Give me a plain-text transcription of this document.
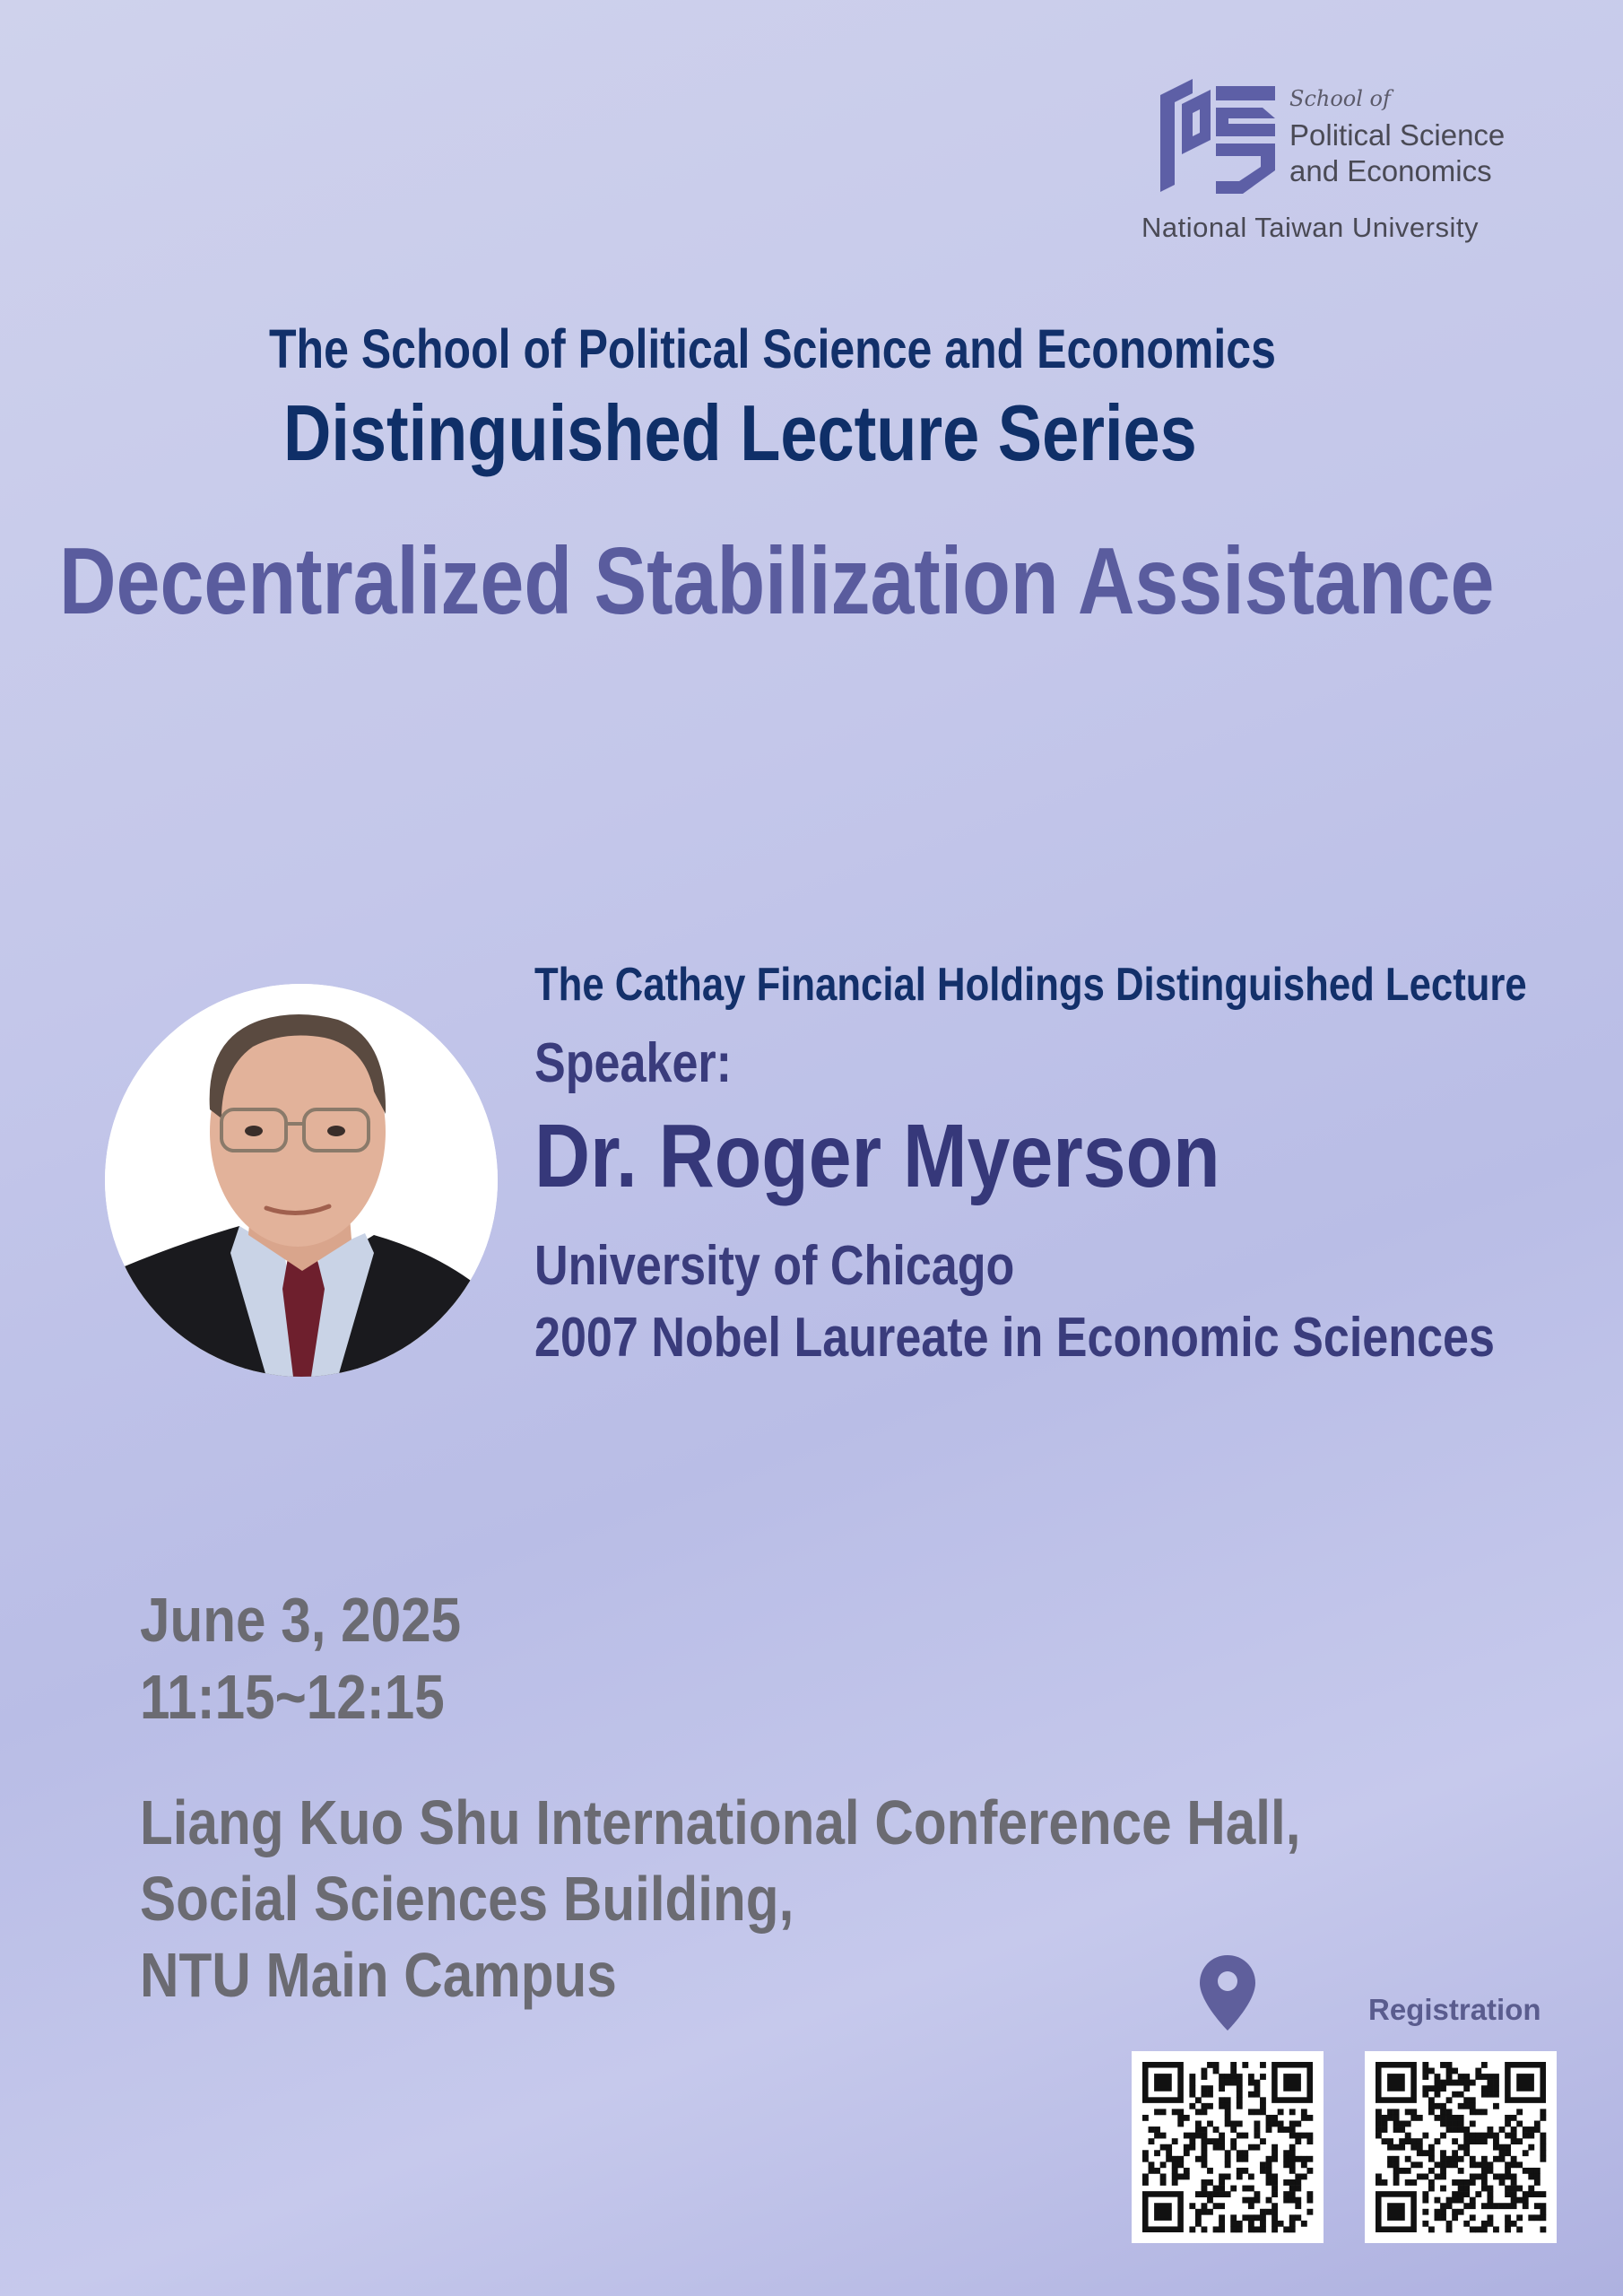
School of
Political Science
and Economics
National Taiwan University
The School of Political Science and Economics
Distinguished Lecture Series
Decentralized Stabilization Assistance
The Cathay Financial Holdings Distinguished Lecture
Speaker:
Dr. Roger Myerson
University of Chicago
2007 Nobel Laureate in Economic Sciences
June 3, 2025
11:15~12:15
Liang Kuo Shu International Conference Hall,
Social Sciences Building,
NTU Main Campus	Registration
